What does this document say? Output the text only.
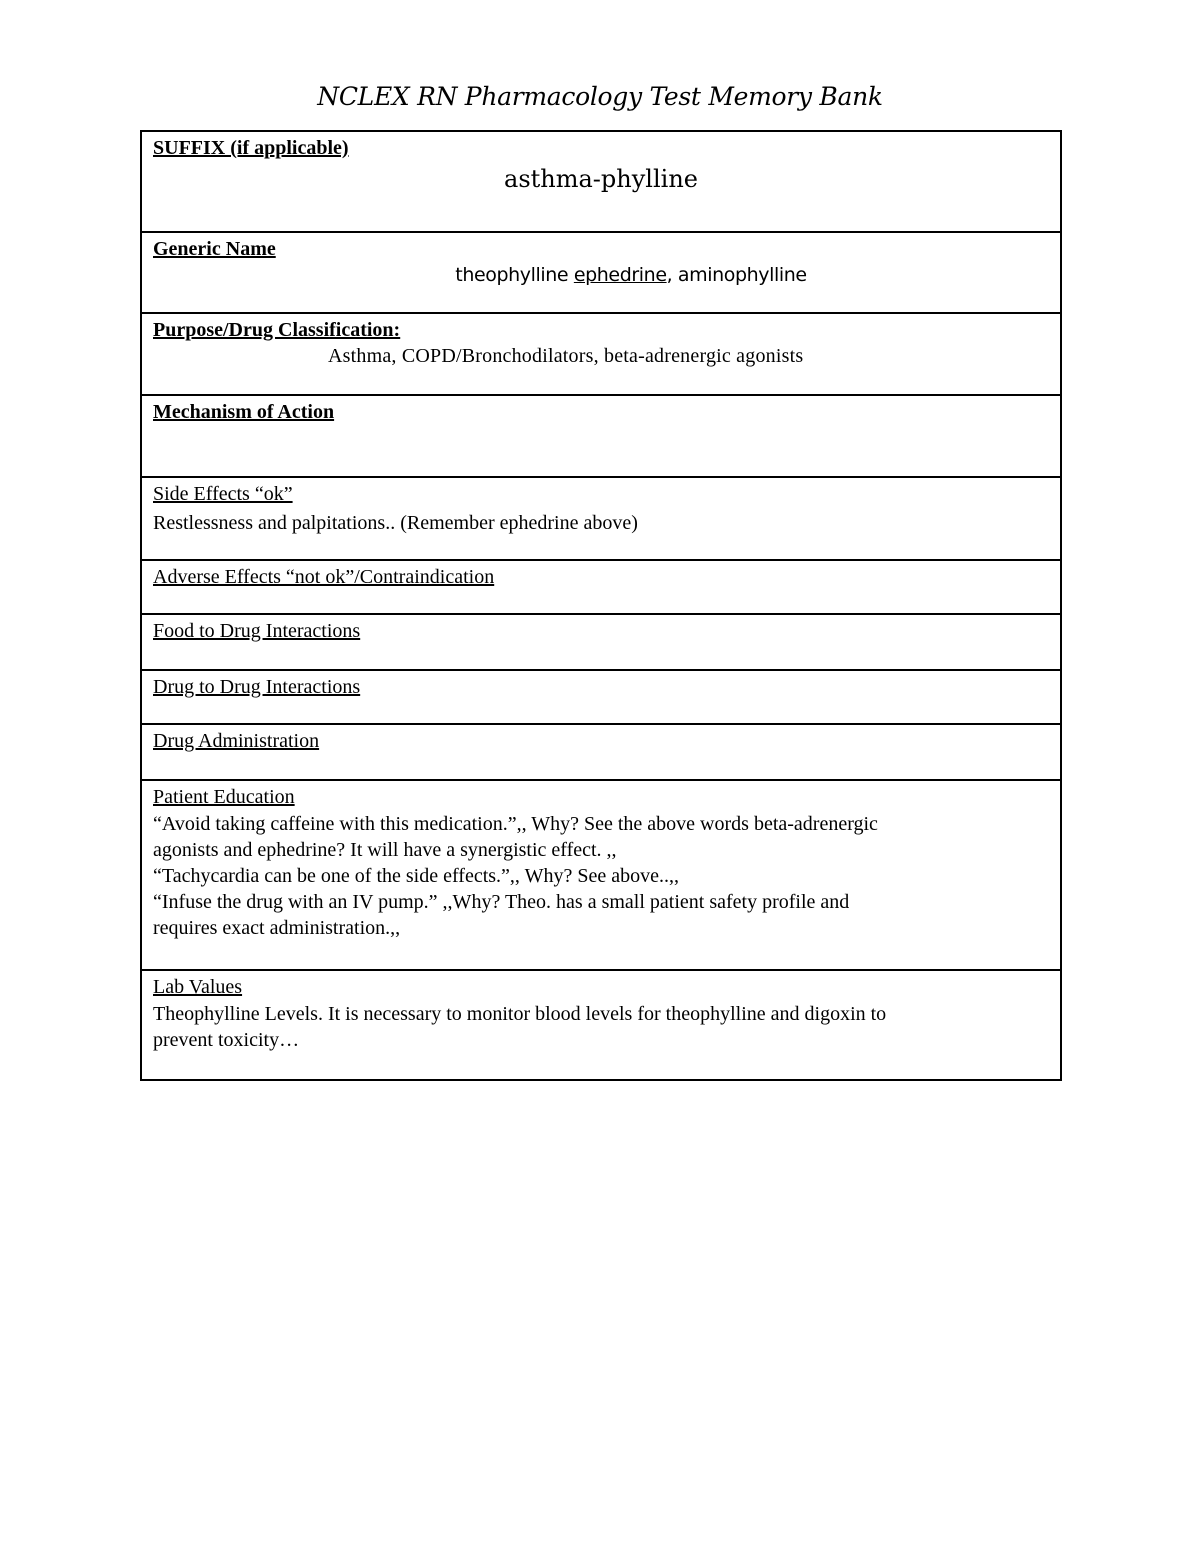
NCLEX RN Pharmacology Test Memory Bank
SUFFIX (if applicable)
asthma-phylline

Generic Name
theophylline ephedrine, aminophylline

Purpose/Drug Classification:
Asthma, COPD/Bronchodilators, beta-adrenergic agonists

Mechanism of Action
Side Effects “ok”
Restlessness and palpitations.. (Remember ephedrine above)

Adverse Effects “not ok”/Contraindication
Food to Drug Interactions
Drug to Drug Interactions
Drug Administration
Patient Education
“Avoid taking caffeine with this medication.”,, Why? See the above words beta-adrenergic
agonists and ephedrine? It will have a synergistic effect. ,,
“Tachycardia can be one of the side effects.”,, Why? See above..,,
“Infuse the drug with an IV pump.” ,,Why? Theo. has a small patient safety profile and
requires exact administration.,,

Lab Values
Theophylline Levels. It is necessary to monitor blood levels for theophylline and digoxin to
prevent toxicity…
